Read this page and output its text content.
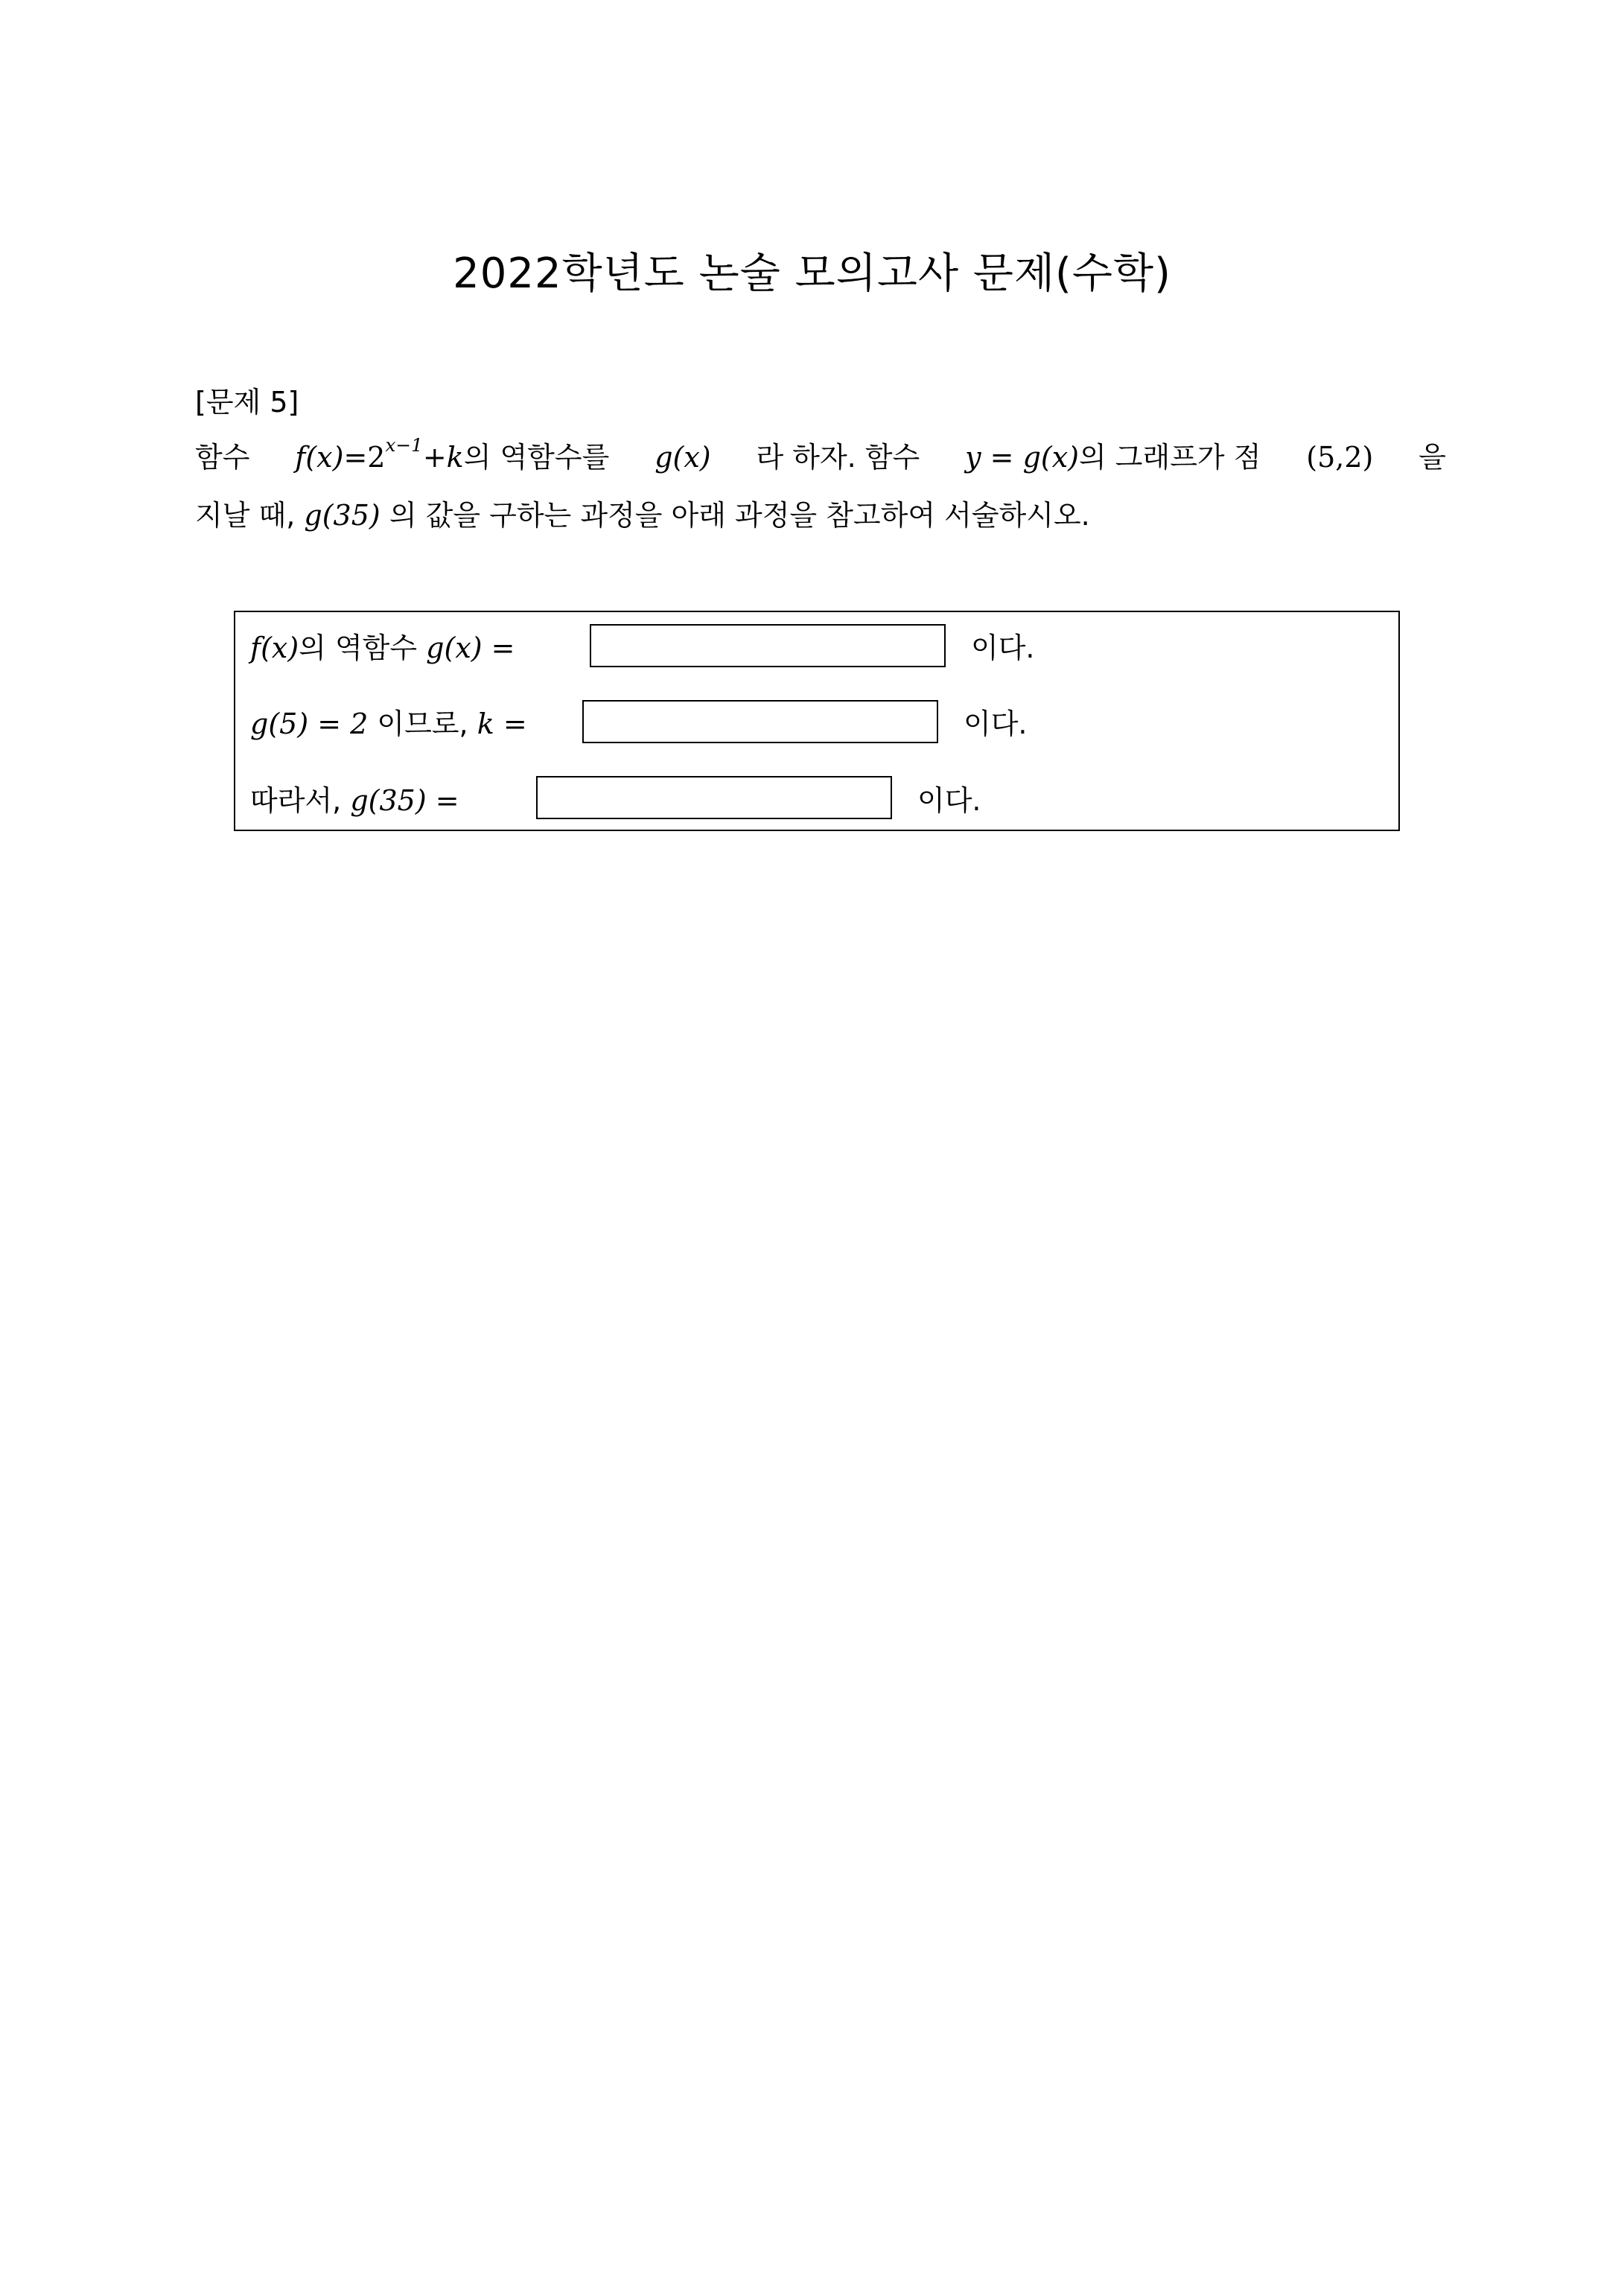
2022학년도 논술 모의고사 문제(수학)
[문제 5]
함수 $f(x)=2^{x-1}+k$의 역함수를 g(x) 라 하자. 함수 y = g(x)의 그래프가 점 (5,2) 을
지날 때, g(35) 의 값을 구하는 과정을 아래 과정을 참고하여 서술하시오.
f(x)의 역함수 g(x) =	이다.
g(5) = 2 이므로, k =	이다.
따라서, g(35) =	이다.
